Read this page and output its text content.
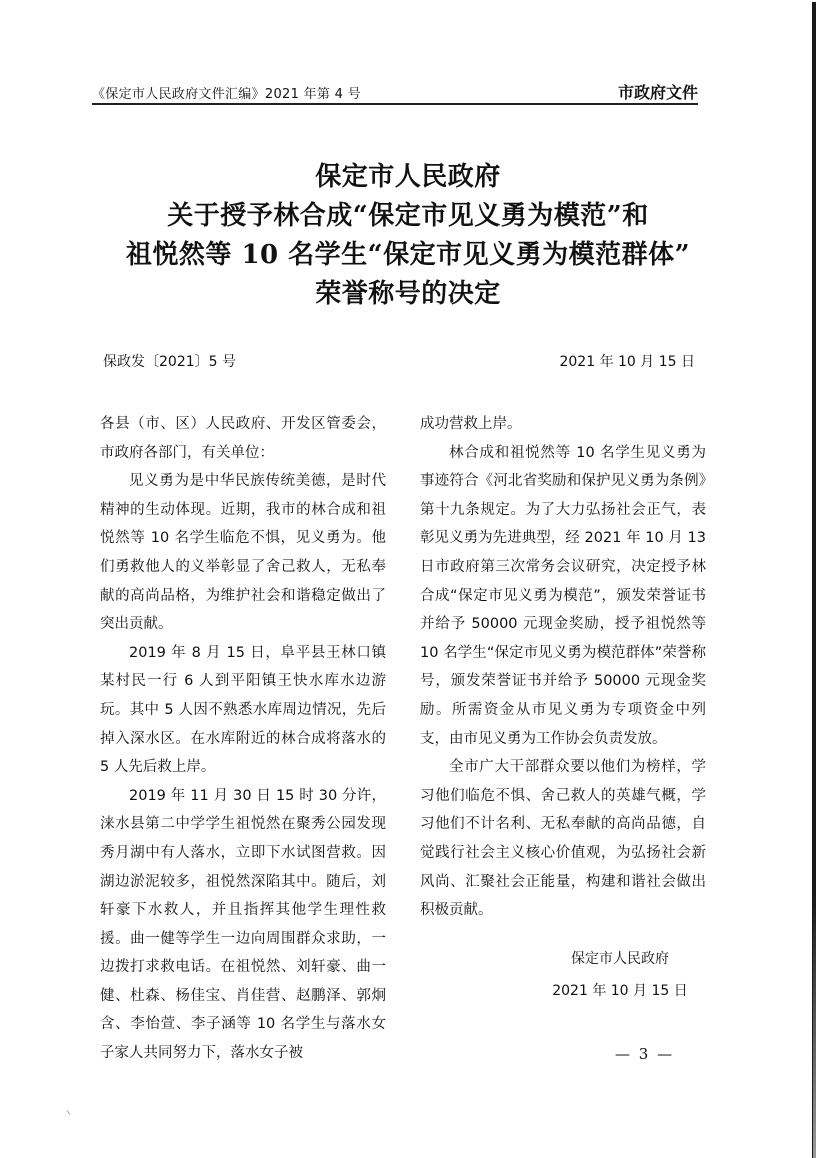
《保定市人民政府文件汇编》2021 年第 4 号	市政府文件
保定市人民政府
关于授予林合成“保定市见义勇为模范”和
祖悦然等 10 名学生“保定市见义勇为模范群体”
荣誉称号的决定
保政发〔2021〕5 号	2021 年 10 月 15 日

各县（市、区）人民政府、开发区管委会，市政府各部门，有关单位：

见义勇为是中华民族传统美德，是时代精神的生动体现。近期，我市的林合成和祖悦然等 10 名学生临危不惧，见义勇为。他们勇救他人的义举彰显了舍己救人，无私奉献的高尚品格，为维护社会和谐稳定做出了突出贡献。

2019 年 8 月 15 日，阜平县王林口镇某村民一行 6 人到平阳镇王快水库水边游玩。其中 5 人因不熟悉水库周边情况，先后掉入深水区。在水库附近的林合成将落水的 5 人先后救上岸。

2019 年 11 月 30 日 15 时 30 分许，涞水县第二中学学生祖悦然在聚秀公园发现秀月湖中有人落水，立即下水试图营救。因湖边淤泥较多，祖悦然深陷其中。随后，刘轩豪下水救人，并且指挥其他学生理性救援。曲一健等学生一边向周围群众求助，一边拨打求救电话。在祖悦然、刘轩豪、曲一健、杜森、杨佳宝、肖佳营、赵鹏泽、郭炯含、李怡萱、李子涵等 10 名学生与落水女子家人共同努力下，落水女子被

成功营救上岸。

林合成和祖悦然等 10 名学生见义勇为事迹符合《河北省奖励和保护见义勇为条例》第十九条规定。为了大力弘扬社会正气，表彰见义勇为先进典型，经 2021 年 10 月 13 日市政府第三次常务会议研究，决定授予林合成“保定市见义勇为模范”，颁发荣誉证书并给予 50000 元现金奖励，授予祖悦然等 10 名学生“保定市见义勇为模范群体”荣誉称号，颁发荣誉证书并给予 50000 元现金奖励。所需资金从市见义勇为专项资金中列支，由市见义勇为工作协会负责发放。

全市广大干部群众要以他们为榜样，学习他们临危不惧、舍己救人的英雄气概，学习他们不计名利、无私奉献的高尚品德，自觉践行社会主义核心价值观，为弘扬社会新风尚、汇聚社会正能量，构建和谐社会做出积极贡献。

保定市人民政府
2021 年 10 月 15 日
— 3 —
